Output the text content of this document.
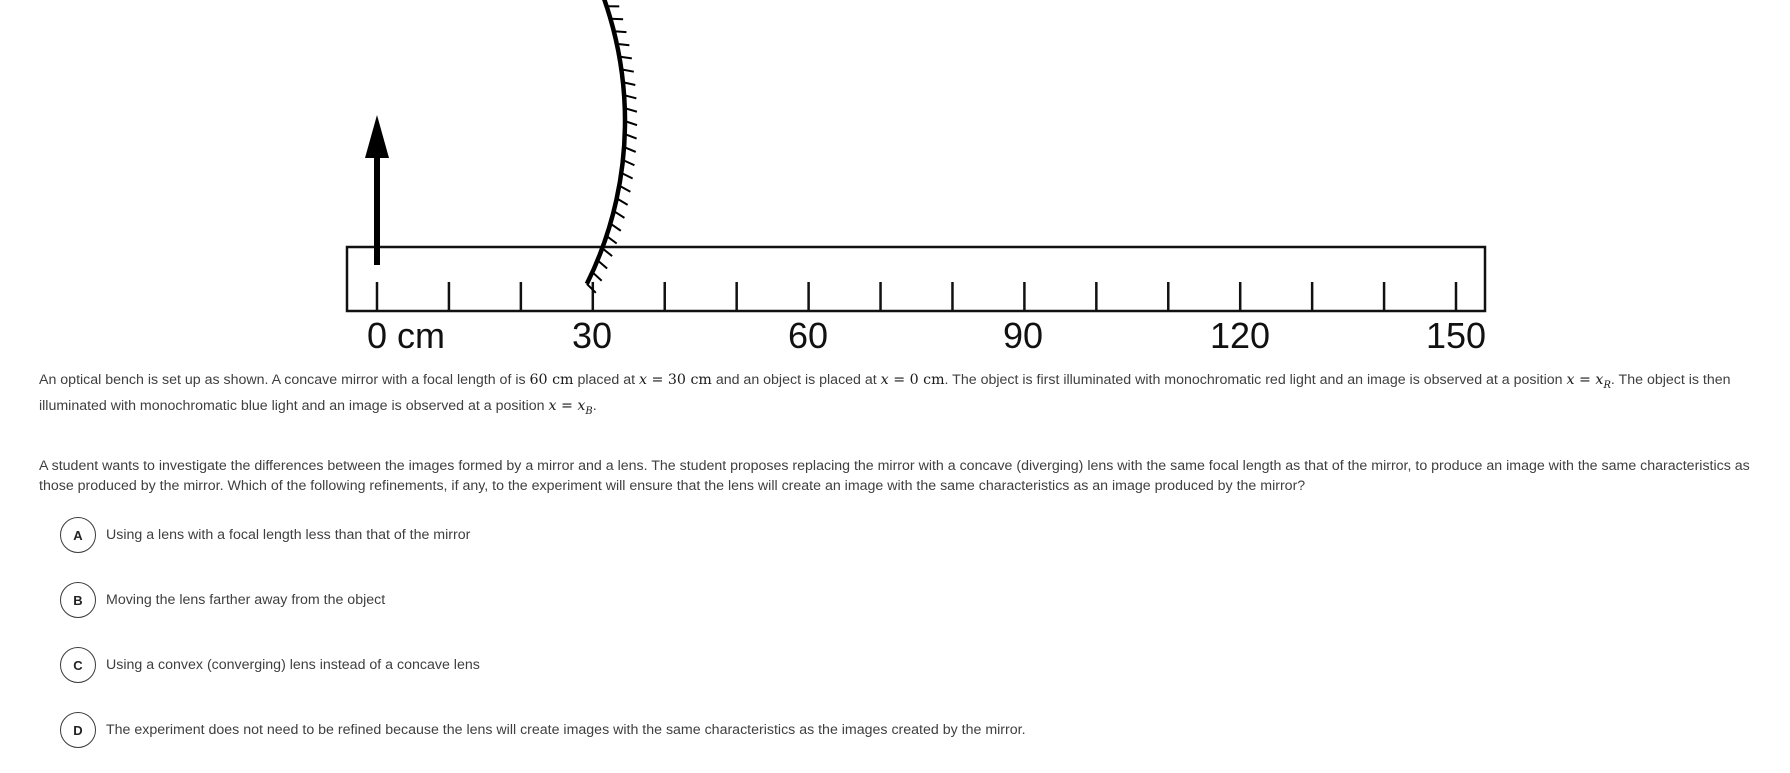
0 cm	30	60	90	120	150
An optical bench is set up as shown. A concave mirror with a focal length of is 60 cm placed at x = 30 cm and an object is placed at x = 0 cm. The object is first illuminated with monochromatic red light and an image is observed at a position $x = x_R$. The object is then illuminated with monochromatic blue light and an image is observed at a position $x = x_B$.
A student wants to investigate the differences between the images formed by a mirror and a lens. The student proposes replacing the mirror with a concave (diverging) lens with the same focal length as that of the mirror, to produce an image with the same characteristics as those produced by the mirror. Which of the following refinements, if any, to the experiment will ensure that the lens will create an image with the same characteristics as an image produced by the mirror?
A	Using a lens with a focal length less than that of the mirror
B	Moving the lens farther away from the object
C	Using a convex (converging) lens instead of a concave lens
D	The experiment does not need to be refined because the lens will create images with the same characteristics as the images created by the mirror.
